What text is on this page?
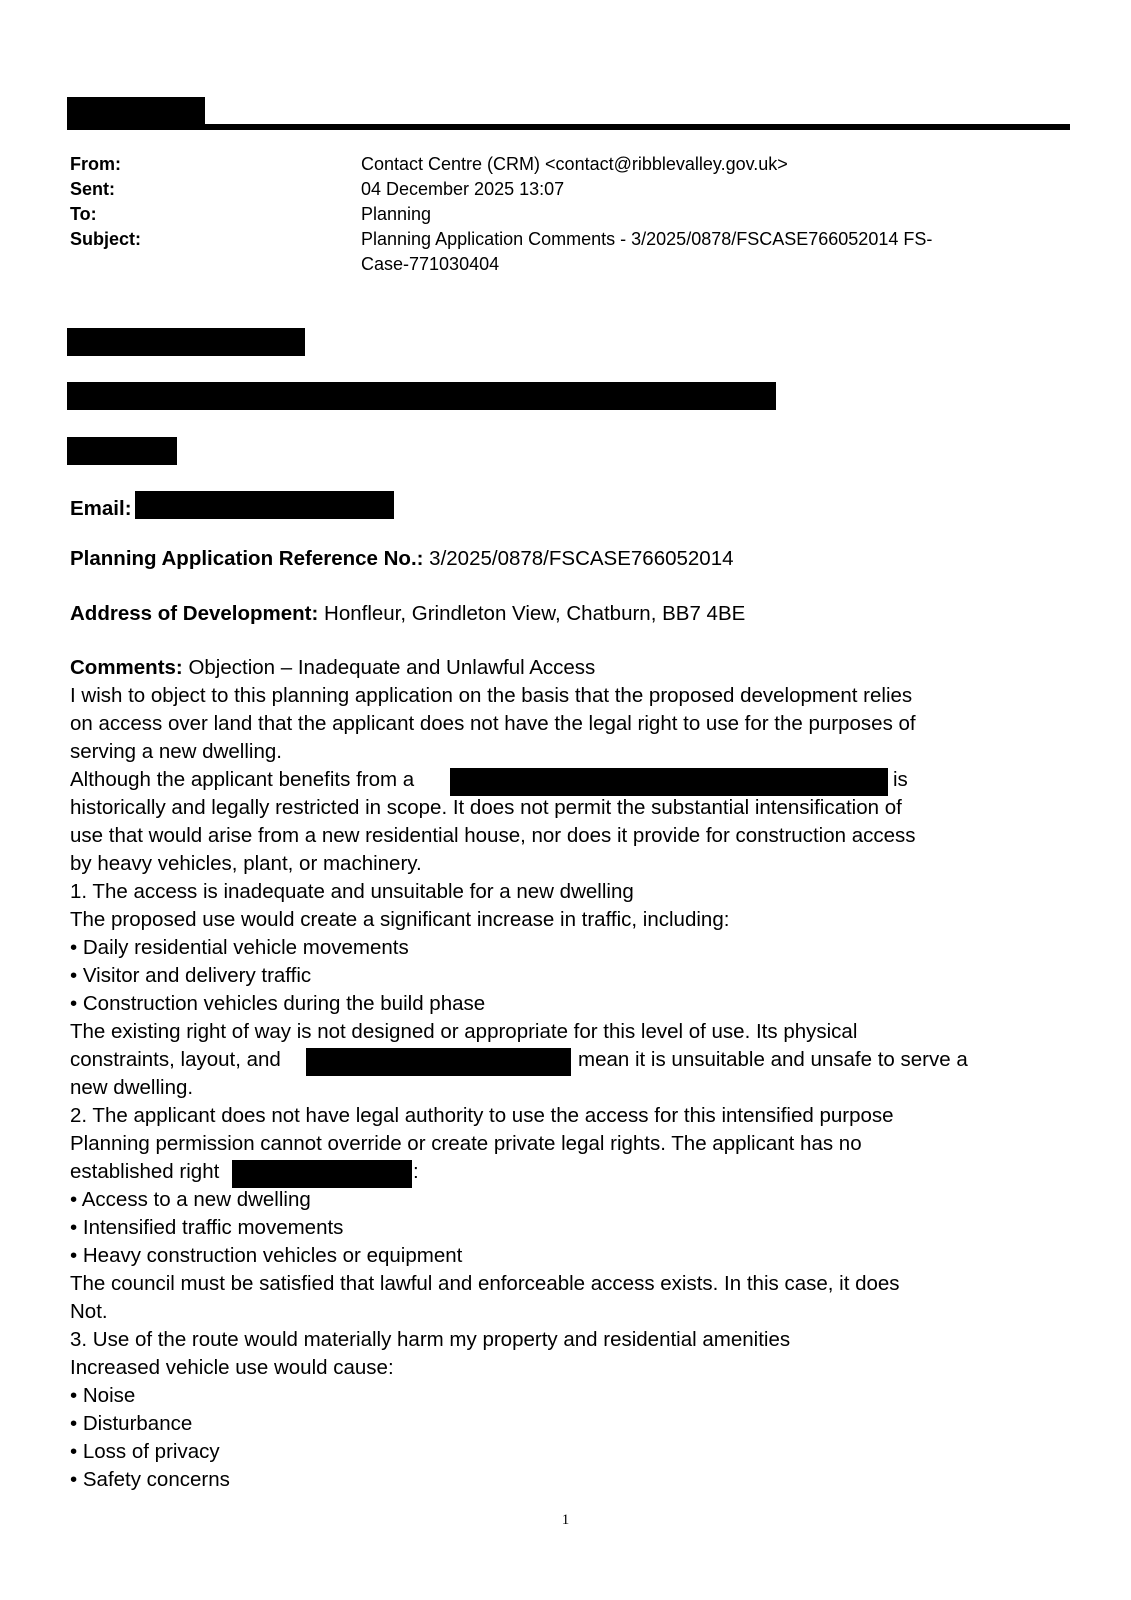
From:	Contact Centre (CRM) <contact@ribblevalley.gov.uk>
Sent:	04 December 2025 13:07
To:	Planning
Subject:	Planning Application Comments - 3/2025/0878/FSCASE766052014 FS-
Case-771030404
Email:
Planning Application Reference No.: 3/2025/0878/FSCASE766052014
Address of Development: Honfleur, Grindleton View, Chatburn, BB7 4BE
Comments: Objection – Inadequate and Unlawful Access
I wish to object to this planning application on the basis that the proposed development relies
on access over land that the applicant does not have the legal right to use for the purposes of
serving a new dwelling.
Although the applicant benefits from a	is
historically and legally restricted in scope. It does not permit the substantial intensification of
use that would arise from a new residential house, nor does it provide for construction access
by heavy vehicles, plant, or machinery.
1. The access is inadequate and unsuitable for a new dwelling
The proposed use would create a significant increase in traffic, including:
• Daily residential vehicle movements
• Visitor and delivery traffic
• Construction vehicles during the build phase
The existing right of way is not designed or appropriate for this level of use. Its physical
constraints, layout, and	mean it is unsuitable and unsafe to serve a
new dwelling.
2. The applicant does not have legal authority to use the access for this intensified purpose
Planning permission cannot override or create private legal rights. The applicant has no
established right	:
• Access to a new dwelling
• Intensified traffic movements
• Heavy construction vehicles or equipment
The council must be satisfied that lawful and enforceable access exists. In this case, it does
Not.
3. Use of the route would materially harm my property and residential amenities
Increased vehicle use would cause:
• Noise
• Disturbance
• Loss of privacy
• Safety concerns
1
